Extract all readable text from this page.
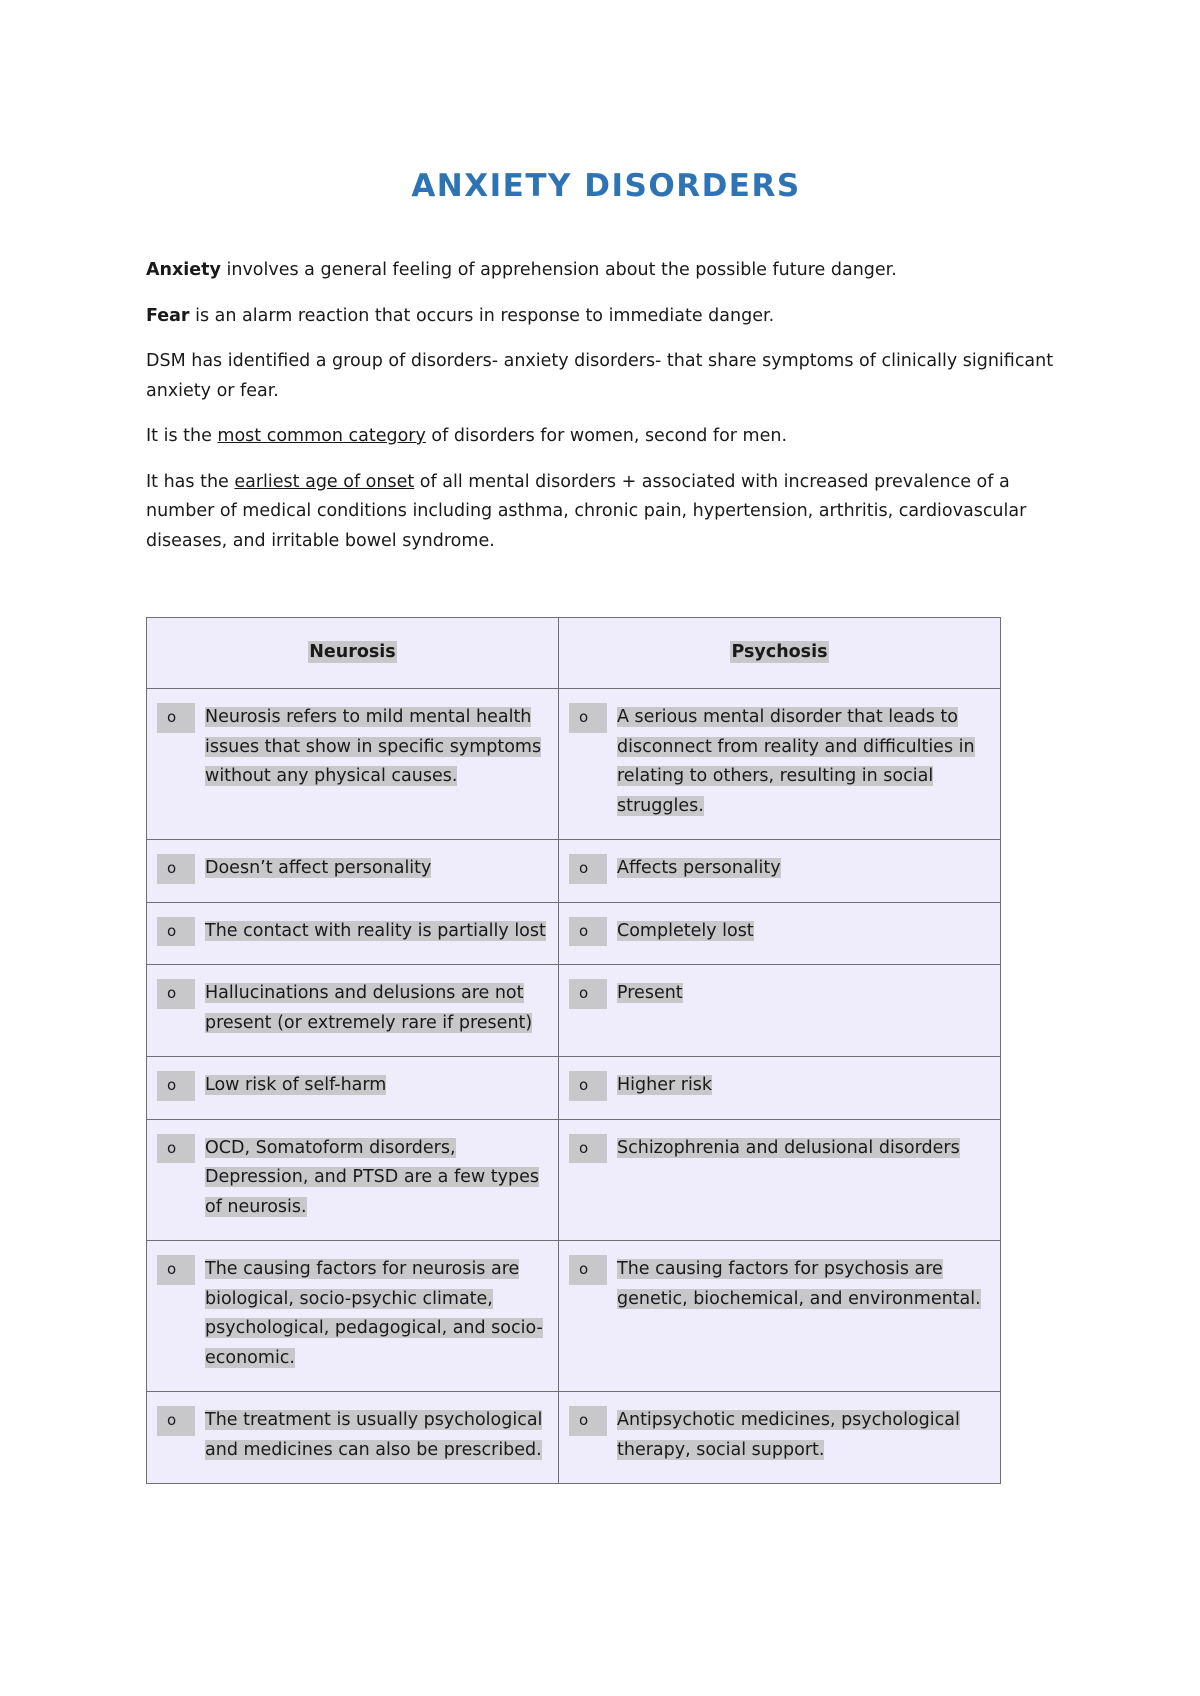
ANXIETY DISORDERS

Anxiety involves a general feeling of apprehension about the possible future danger.

Fear is an alarm reaction that occurs in response to immediate danger.

DSM has identified a group of disorders- anxiety disorders- that share symptoms of clinically significant anxiety or fear.

It is the most common category of disorders for women, second for men.

It has the earliest age of onset of all mental disorders + associated with increased prevalence of a number of medical conditions including asthma, chronic pain, hypertension, arthritis, cardiovascular diseases, and irritable bowel syndrome.

Neurosis	Psychosis

o Neurosis refers to mild mental health issues that show in specific symptoms without any physical causes.	o A serious mental disorder that leads to disconnect from reality and difficulties in relating to others, resulting in social struggles.

o Doesn’t affect personality	o Affects personality

o The contact with reality is partially lost	o Completely lost

o Hallucinations and delusions are not present (or extremely rare if present)	o Present

o Low risk of self-harm	o Higher risk

o OCD, Somatoform disorders, Depression, and PTSD are a few types of neurosis.	o Schizophrenia and delusional disorders

o The causing factors for neurosis are biological, socio-psychic climate, psychological, pedagogical, and socio-economic.	o The causing factors for psychosis are genetic, biochemical, and environmental.

o The treatment is usually psychological and medicines can also be prescribed.	o Antipsychotic medicines, psychological therapy, social support.
